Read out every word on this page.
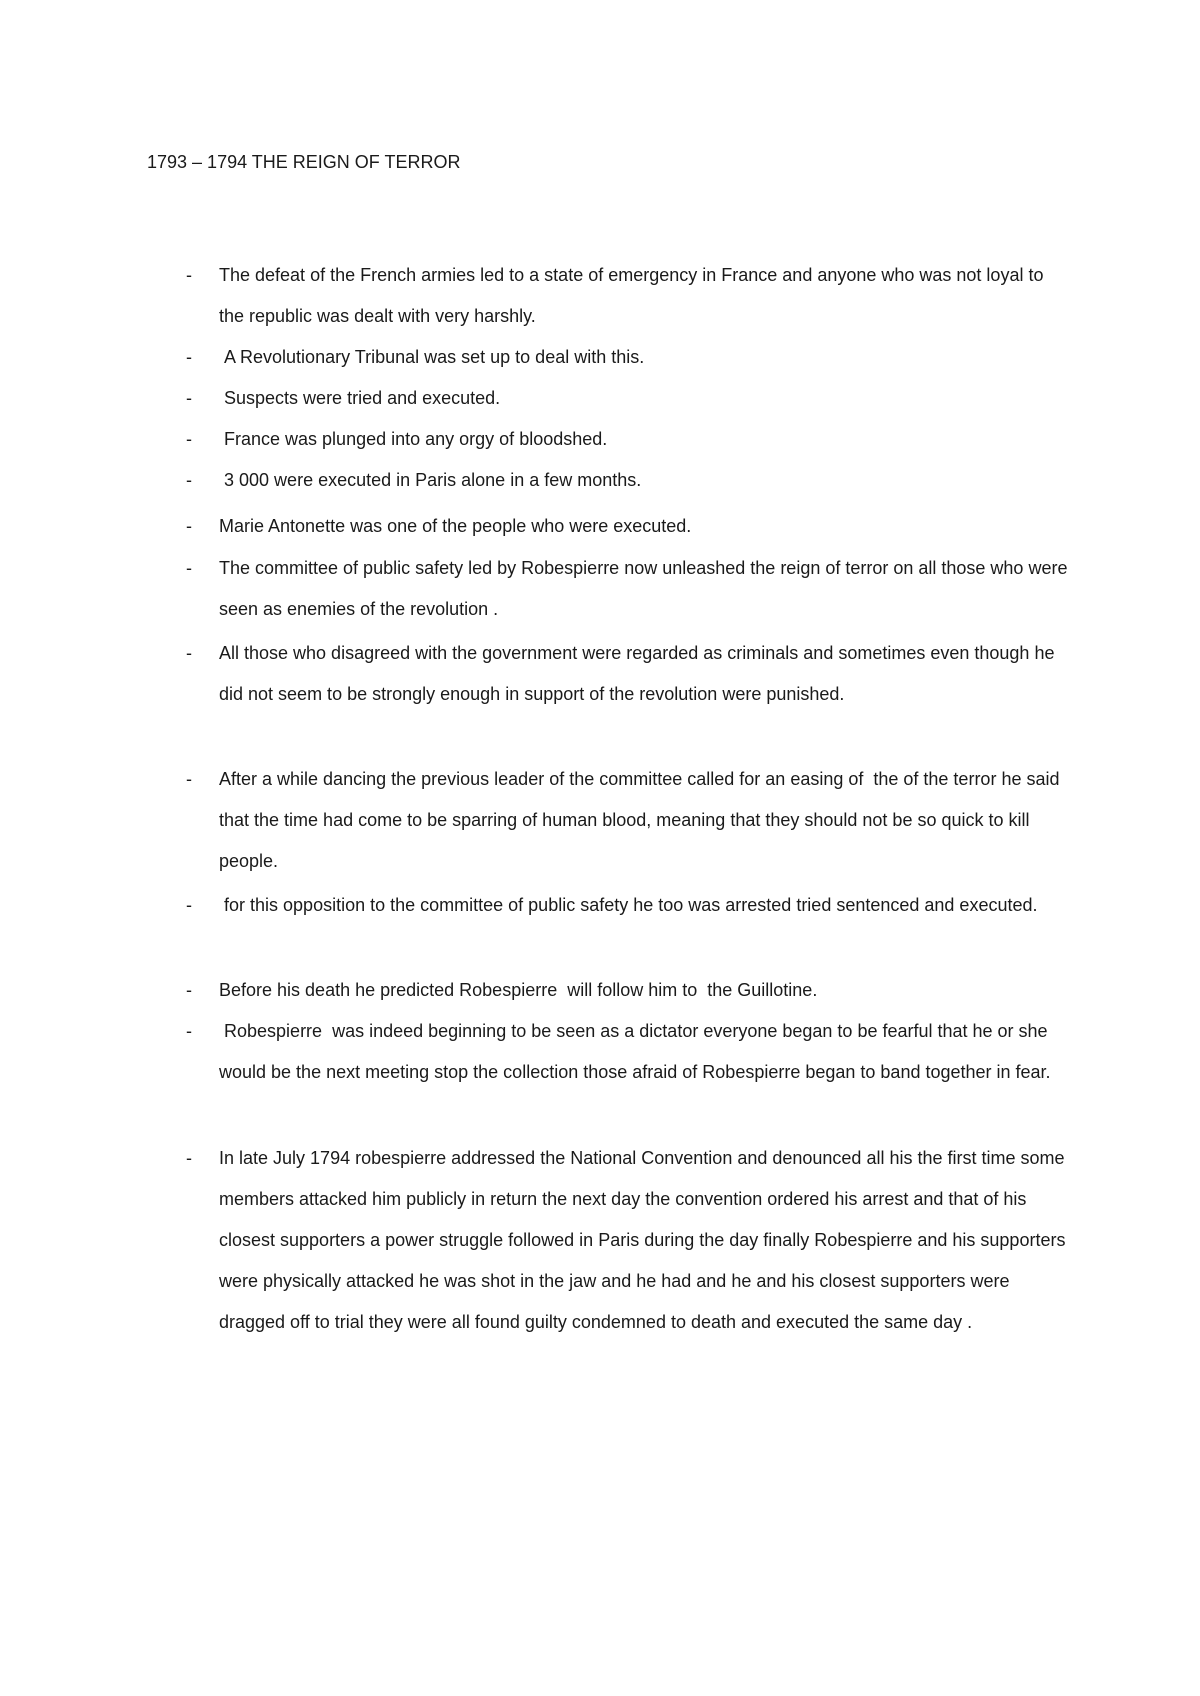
1793 – 1794 THE REIGN OF TERROR
- The defeat of the French armies led to a state of emergency in France and anyone who was not loyal to the republic was dealt with very harshly.
- A Revolutionary Tribunal was set up to deal with this.
- Suspects were tried and executed.
- France was plunged into any orgy of bloodshed.
- 3 000 were executed in Paris alone in a few months.
- Marie Antonette was one of the people who were executed.
- The committee of public safety led by Robespierre now unleashed the reign of terror on all those who were seen as enemies of the revolution .
- All those who disagreed with the government were regarded as criminals and sometimes even though he did not seem to be strongly enough in support of the revolution were punished.
- After a while dancing the previous leader of the committee called for an easing of  the of the terror he said that the time had come to be sparring of human blood, meaning that they should not be so quick to kill people.
- for this opposition to the committee of public safety he too was arrested tried sentenced and executed.
- Before his death he predicted Robespierre  will follow him to  the Guillotine.
- Robespierre  was indeed beginning to be seen as a dictator everyone began to be fearful that he or she would be the next meeting stop the collection those afraid of Robespierre began to band together in fear.
- In late July 1794 robespierre addressed the National Convention and denounced all his the first time some members attacked him publicly in return the next day the convention ordered his arrest and that of his closest supporters a power struggle followed in Paris during the day finally Robespierre and his supporters were physically attacked he was shot in the jaw and he had and he and his closest supporters were dragged off to trial they were all found guilty condemned to death and executed the same day .
